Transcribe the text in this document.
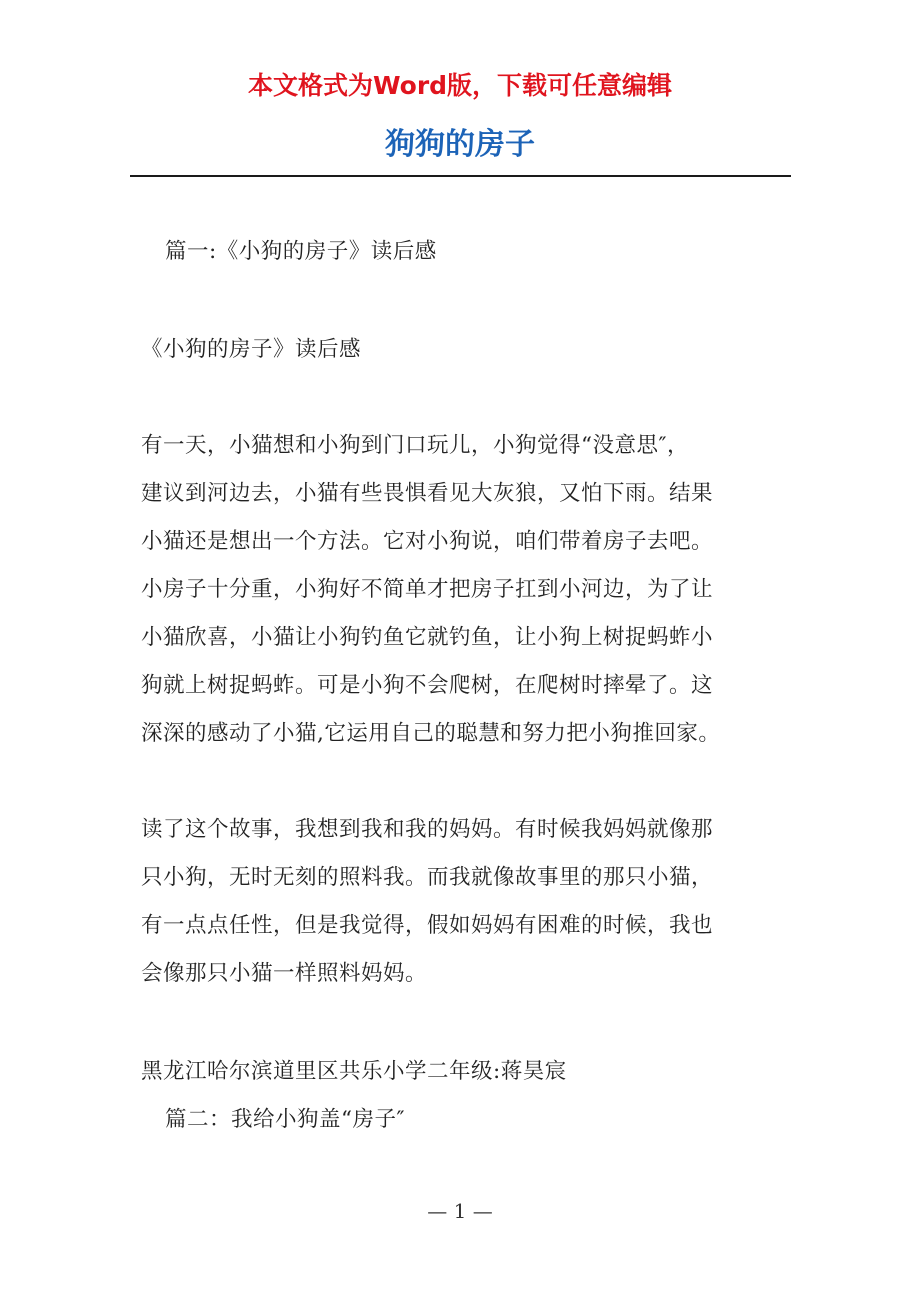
本文格式为Word版，下载可任意编辑
狗狗的房子
篇一:《小狗的房子》读后感
《小狗的房子》读后感
有一天，小猫想和小狗到门口玩儿，小狗觉得“没意思″，
建议到河边去，小猫有些畏惧看见大灰狼，又怕下雨。结果
小猫还是想出一个方法。它对小狗说，咱们带着房子去吧。
小房子十分重，小狗好不简单才把房子扛到小河边，为了让
小猫欣喜，小猫让小狗钓鱼它就钓鱼，让小狗上树捉蚂蚱小
狗就上树捉蚂蚱。可是小狗不会爬树，在爬树时摔晕了。这
深深的感动了小猫,它运用自己的聪慧和努力把小狗推回家。
读了这个故事，我想到我和我的妈妈。有时候我妈妈就像那
只小狗，无时无刻的照料我。而我就像故事里的那只小猫，
有一点点任性，但是我觉得，假如妈妈有困难的时候，我也
会像那只小猫一样照料妈妈。
黑龙江哈尔滨道里区共乐小学二年级:蒋昊宸
篇二：我给小狗盖“房子″
— 1 —
